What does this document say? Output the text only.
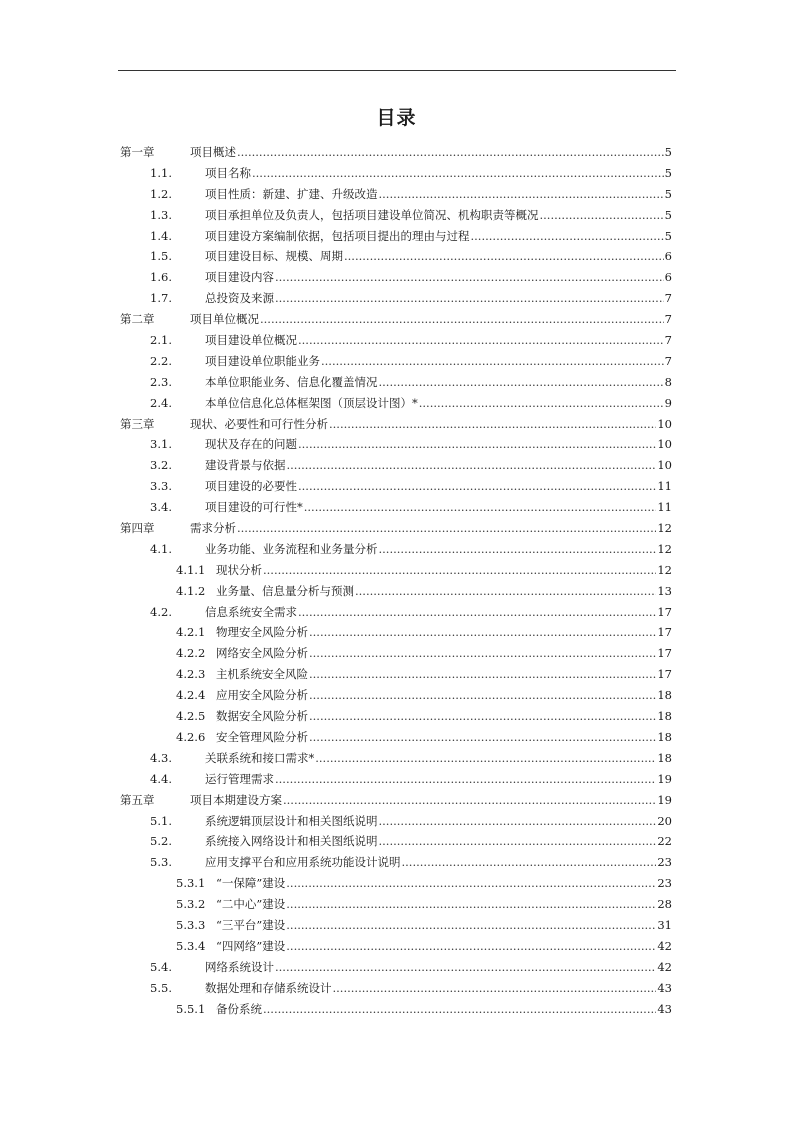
目录
第一章	项目概述 .....	5
1.1.	项目名称 .....	5
1.2.	项目性质：新建、扩建、升级改造 .....	5
1.3.	项目承担单位及负责人，包括项目建设单位简况、机构职责等概况 .....	5
1.4.	项目建设方案编制依据，包括项目提出的理由与过程 .....	5
1.5.	项目建设目标、规模、周期 .....	6
1.6.	项目建设内容 .....	6
1.7.	总投资及来源 .....	7
第二章	项目单位概况 .....	7
2.1.	项目建设单位概况 .....	7
2.2.	项目建设单位职能业务 .....	7
2.3.	本单位职能业务、信息化覆盖情况 .....	8
2.4.	本单位信息化总体框架图（顶层设计图）* .....	9
第三章	现状、必要性和可行性分析 .....	10
3.1.	现状及存在的问题 .....	10
3.2.	建设背景与依据 .....	10
3.3.	项目建设的必要性 .....	11
3.4.	项目建设的可行性* .....	11
第四章	需求分析 .....	12
4.1.	业务功能、业务流程和业务量分析 .....	12
4.1.1 现状分析 .....	12
4.1.2 业务量、信息量分析与预测 .....	13
4.2.	信息系统安全需求 .....	17
4.2.1 物理安全风险分析 .....	17
4.2.2 网络安全风险分析 .....	17
4.2.3 主机系统安全风险 .....	17
4.2.4 应用安全风险分析 .....	18
4.2.5 数据安全风险分析 .....	18
4.2.6 安全管理风险分析 .....	18
4.3.	关联系统和接口需求* .....	18
4.4.	运行管理需求 .....	19
第五章	项目本期建设方案 .....	19
5.1.	系统逻辑顶层设计和相关图纸说明 .....	20
5.2.	系统接入网络设计和相关图纸说明 .....	22
5.3.	应用支撑平台和应用系统功能设计说明 .....	23
5.3.1 “一保障”建设 .....	23
5.3.2 “二中心”建设 .....	28
5.3.3 “三平台”建设 .....	31
5.3.4 “四网络”建设 .....	42
5.4.	网络系统设计 .....	42
5.5.	数据处理和存储系统设计 .....	43
5.5.1 备份系统 .....	43
